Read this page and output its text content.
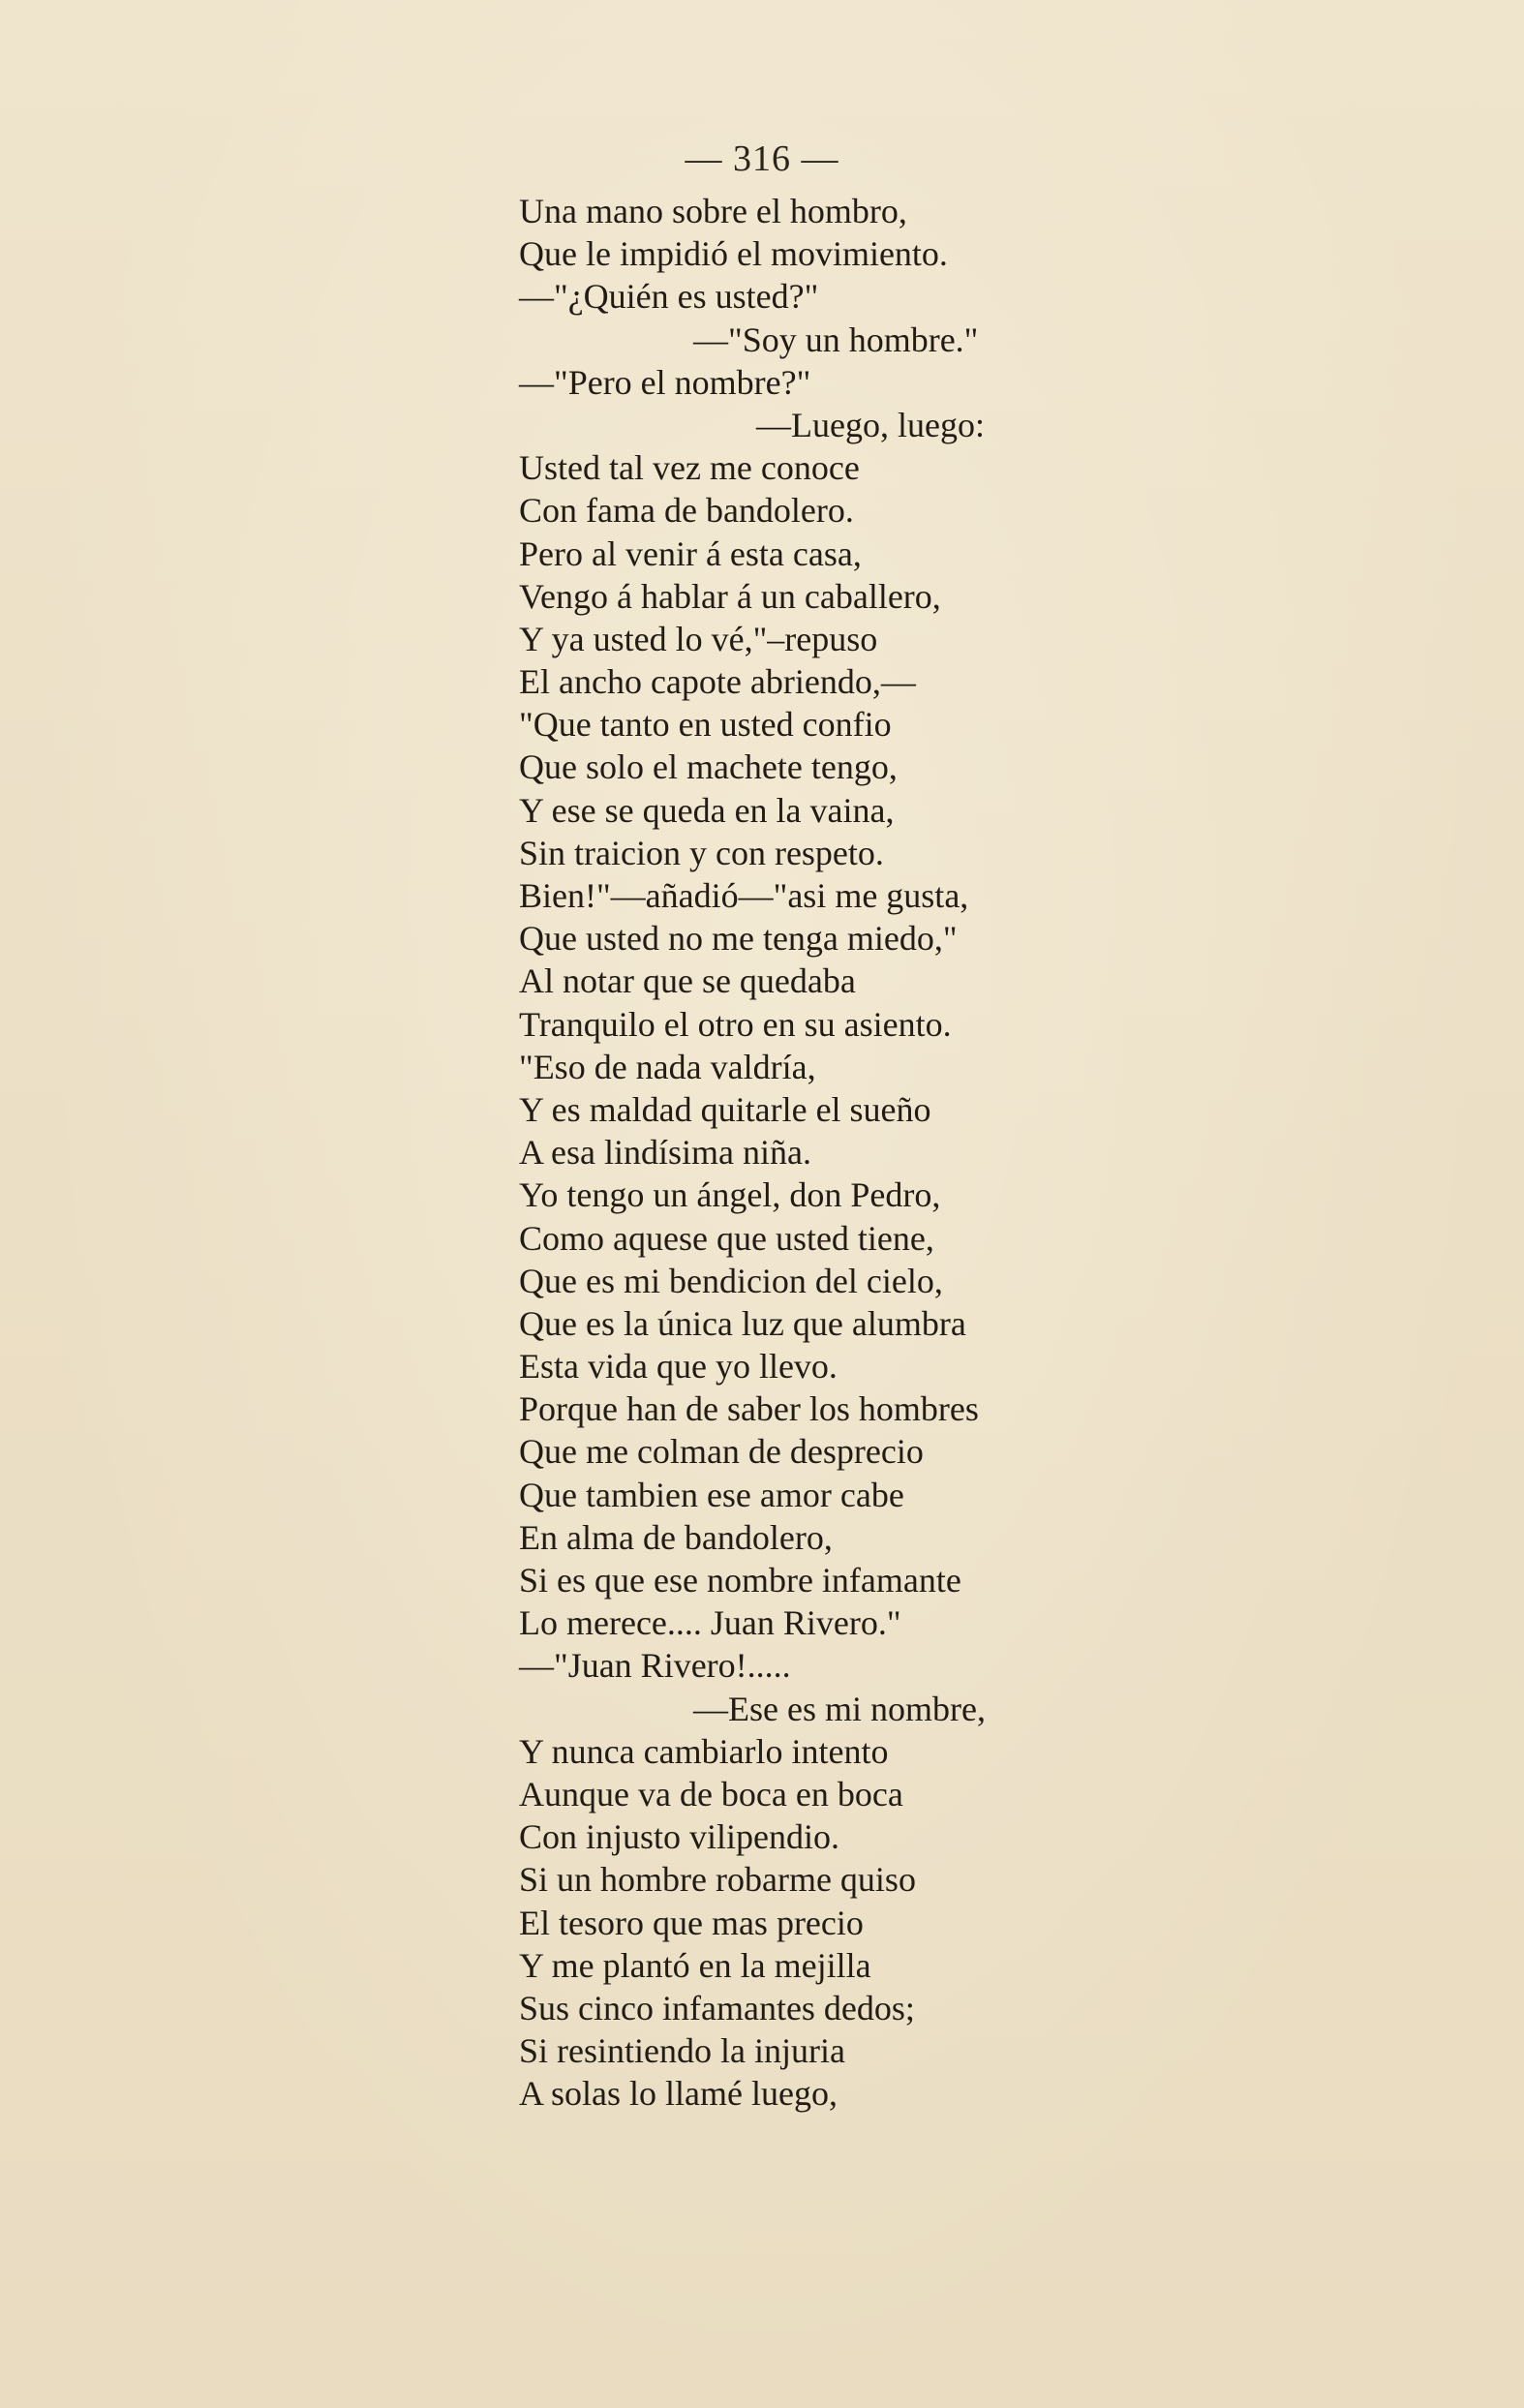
— 316 —
Una mano sobre el hombro,
Que le impidió el movimiento.
—"¿Quién es usted?"
—"Soy un hombre."
—"Pero el nombre?"
—Luego, luego:
Usted tal vez me conoce
Con fama de bandolero.
Pero al venir á esta casa,
Vengo á hablar á un caballero,
Y ya usted lo vé,"–repuso
El ancho capote abriendo,—
"Que tanto en usted confio
Que solo el machete tengo,
Y ese se queda en la vaina,
Sin traicion y con respeto.
Bien!"—añadió—"asi me gusta,
Que usted no me tenga miedo,"
Al notar que se quedaba
Tranquilo el otro en su asiento.
"Eso de nada valdría,
Y es maldad quitarle el sueño
A esa lindísima niña.
Yo tengo un ángel, don Pedro,
Como aquese que usted tiene,
Que es mi bendicion del cielo,
Que es la única luz que alumbra
Esta vida que yo llevo.
Porque han de saber los hombres
Que me colman de desprecio
Que tambien ese amor cabe
En alma de bandolero,
Si es que ese nombre infamante
Lo merece.... Juan Rivero."
—"Juan Rivero!.....
—Ese es mi nombre,
Y nunca cambiarlo intento
Aunque va de boca en boca
Con injusto vilipendio.
Si un hombre robarme quiso
El tesoro que mas precio
Y me plantó en la mejilla
Sus cinco infamantes dedos;
Si resintiendo la injuria
A solas lo llamé luego,
